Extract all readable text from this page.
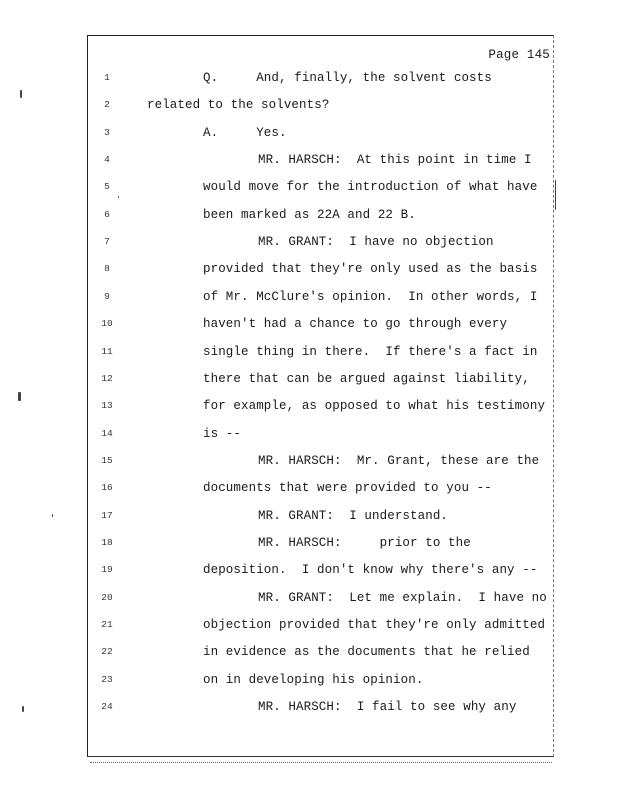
Page 145
1	Q.     And, finally, the solvent costs
2	related to the solvents?
3	A.     Yes.
4	MR. HARSCH:  At this point in time I
5	would move for the introduction of what have
6	been marked as 22A and 22 B.
7	MR. GRANT:  I have no objection
8	provided that they're only used as the basis
9	of Mr. McClure's opinion.  In other words, I
10	haven't had a chance to go through every
11	single thing in there.  If there's a fact in
12	there that can be argued against liability,
13	for example, as opposed to what his testimony
14	is --
15	MR. HARSCH:  Mr. Grant, these are the
16	documents that were provided to you --
17	MR. GRANT:  I understand.
18	MR. HARSCH:     prior to the
19	deposition.  I don't know why there's any --
20	MR. GRANT:  Let me explain.  I have no
21	objection provided that they're only admitted
22	in evidence as the documents that he relied
23	on in developing his opinion.
24	MR. HARSCH:  I fail to see why any
